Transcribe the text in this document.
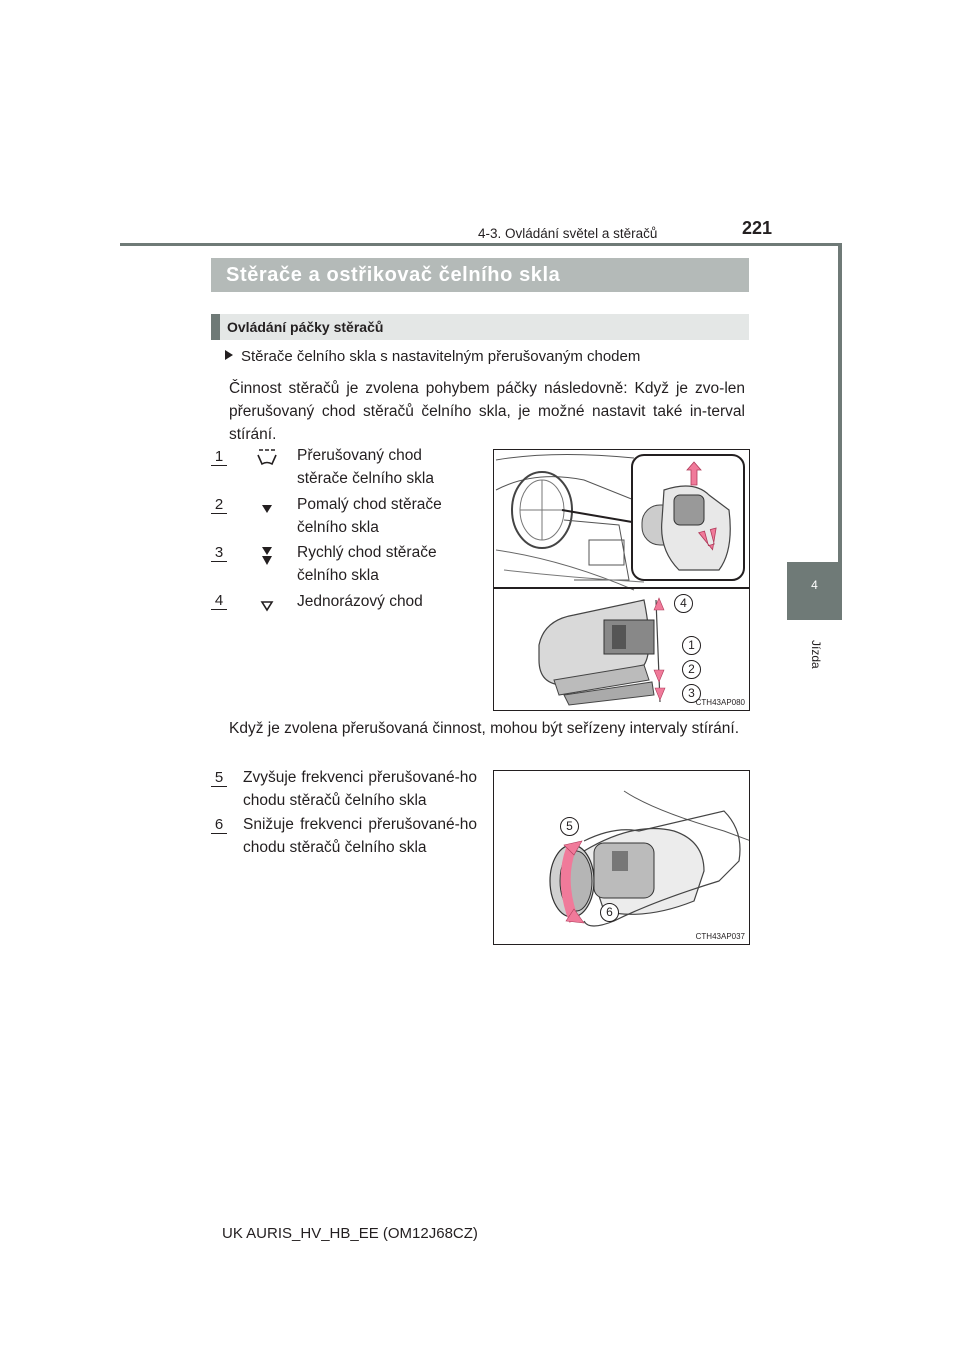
4-3. Ovládání světel a stěračů	221
4
Jízda
Stěrače a ostřikovač čelního skla
Ovládání páčky stěračů
Stěrače čelního skla s nastavitelným přerušovaným chodem
Činnost stěračů je zvolena pohybem páčky následovně: Když je zvo-len přerušovaný chod stěračů čelního skla, je možné nastavit také in-terval stírání.
1	Přerušovaný chod stěrače čelního skla
2	Pomalý chod stěrače čelního skla
3	Rychlý chod stěrače čelního skla
4	Jednorázový chod	4
1
2
3
CTH43AP080
Když je zvolena přerušovaná činnost, mohou být seřízeny intervaly stírání.
5 Zvyšuje frekvenci přerušované-ho chodu stěračů čelního skla
6 Snižuje frekvenci přerušované-ho chodu stěračů čelního skla
5
6
CTH43AP037
UK AURIS_HV_HB_EE (OM12J68CZ)
